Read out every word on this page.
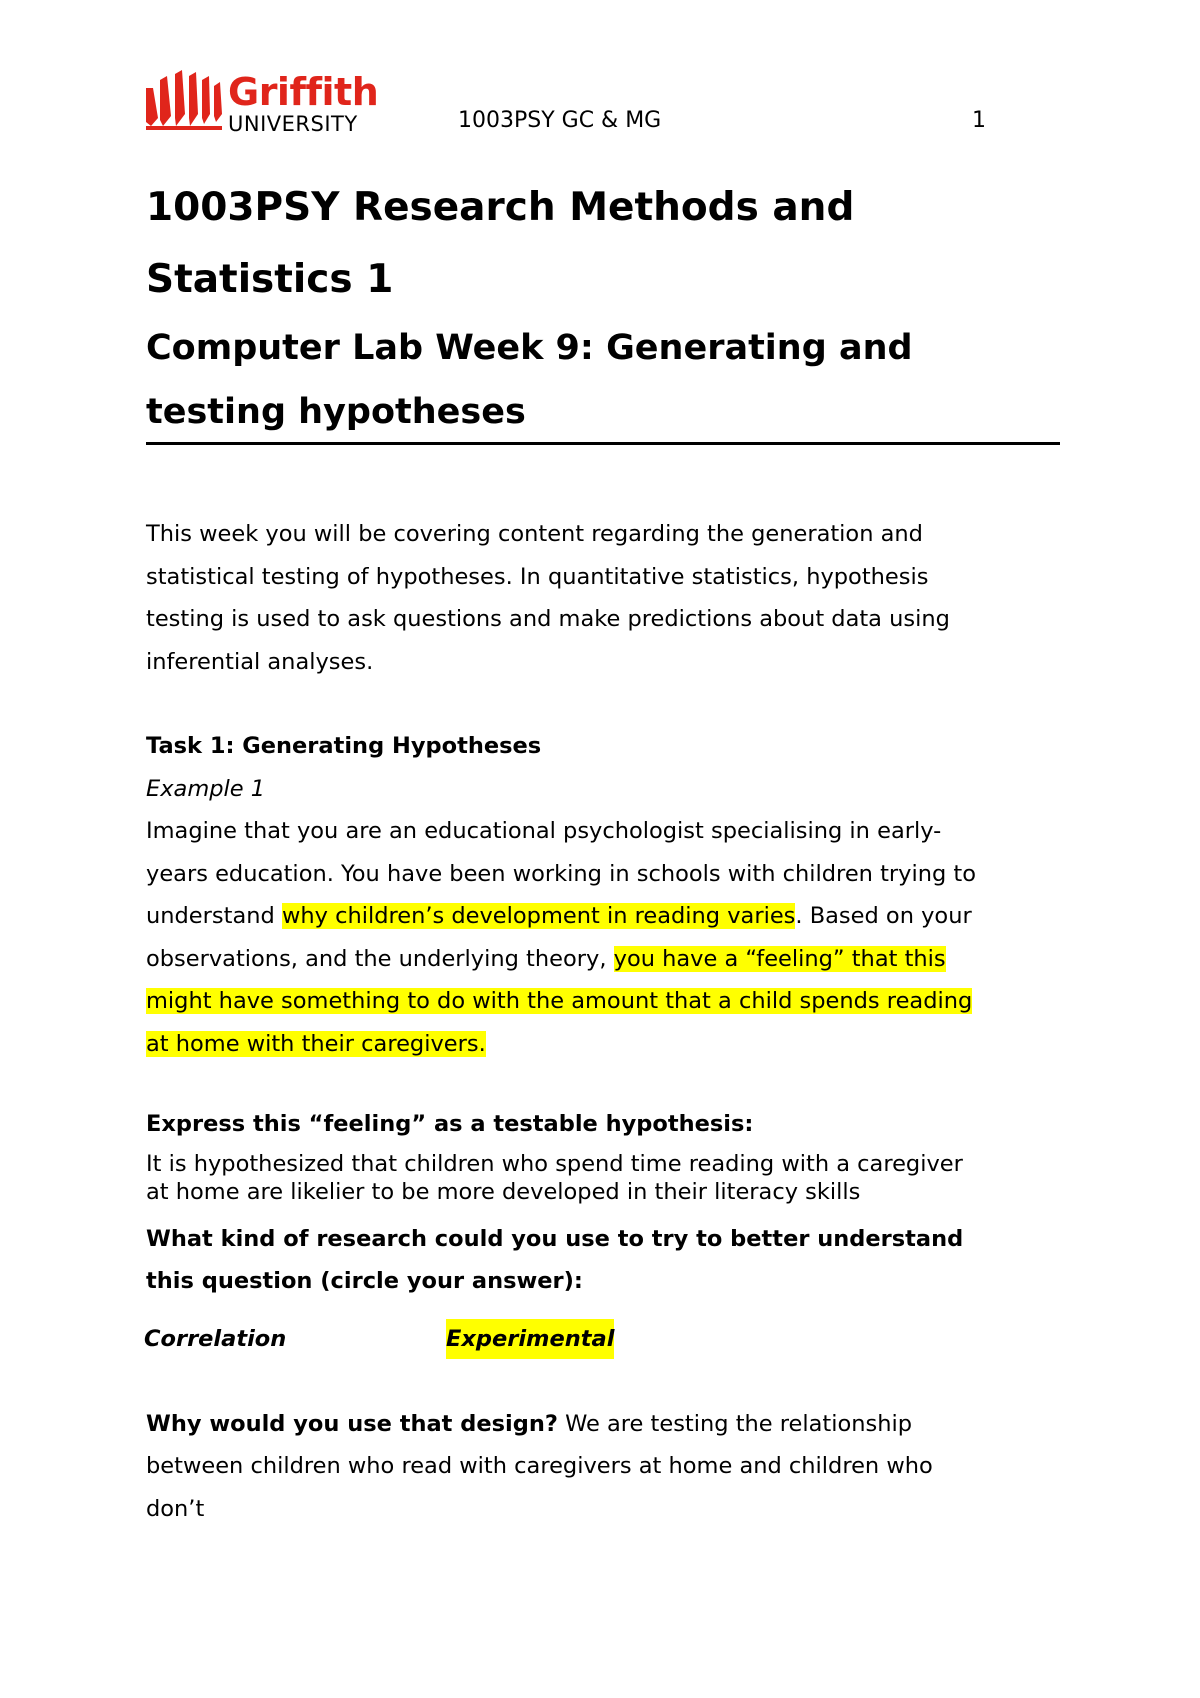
Griffith
UNIVERSITY	1003PSY GC & MG	1
1003PSY Research Methods and
Statistics 1
Computer Lab Week 9: Generating and
testing hypotheses
This week you will be covering content regarding the generation and
statistical testing of hypotheses. In quantitative statistics, hypothesis
testing is used to ask questions and make predictions about data using
inferential analyses.
Task 1: Generating Hypotheses
Example 1
Imagine that you are an educational psychologist specialising in early-
years education. You have been working in schools with children trying to
understand why children’s development in reading varies. Based on your
observations, and the underlying theory, you have a “feeling” that this
might have something to do with the amount that a child spends reading
at home with their caregivers.
Express this “feeling” as a testable hypothesis:
It is hypothesized that children who spend time reading with a caregiver
at home are likelier to be more developed in their literacy skills
What kind of research could you use to try to better understand
this question (circle your answer):
Correlation	Experimental
Why would you use that design? We are testing the relationship
between children who read with caregivers at home and children who
don’t
